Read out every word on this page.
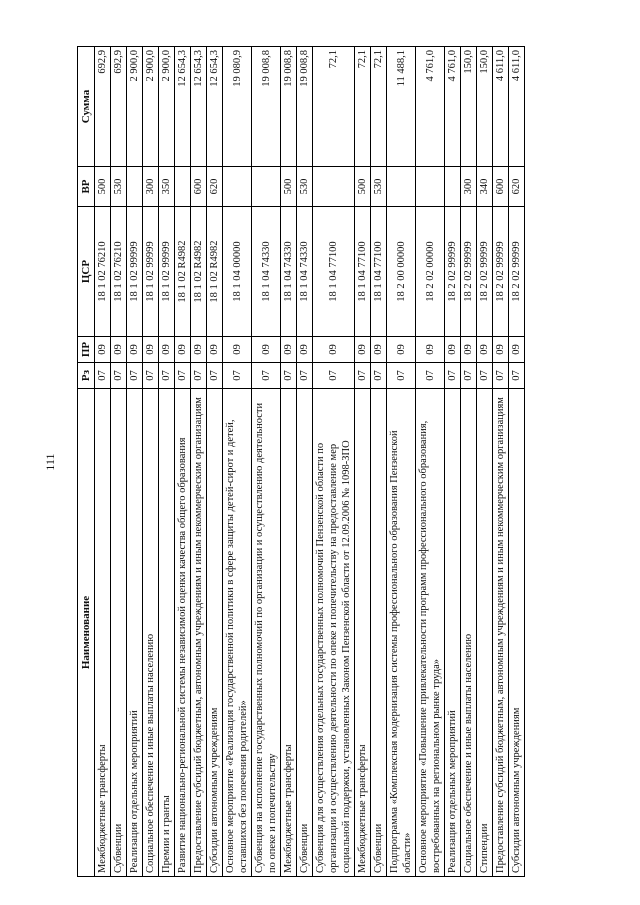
111
Наименование	Рз	ПР	ЦСР	ВР	Сумма
Межбюджетные трансферты	07	09	18 1 02 76210	500	692,9
Субвенции	07	09	18 1 02 76210	530	692,9
Реализация отдельных мероприятий	07	09	18 1 02 99999		2 900,0
Социальное обеспечение и иные выплаты населению	07	09	18 1 02 99999	300	2 900,0
Премии и гранты	07	09	18 1 02 99999	350	2 900,0
Развитие национально-региональной системы независимой оценки качества общего образования	07	09	18 1 02 R4982		12 654,3
Предоставление субсидий бюджетным, автономным учреждениям и иным некоммерческим организациям	07	09	18 1 02 R4982	600	12 654,3
Субсидии автономным учреждениям	07	09	18 1 02 R4982	620	12 654,3
Основное мероприятие «Реализация государственной политики в сфере защиты детей-сирот и детей, оставшихся без попечения родителей»	07	09	18 1 04 00000		19 080,9
Субвенция на исполнение государственных полномочий по организации и осуществлению деятельности по опеке и попечительству	07	09	18 1 04 74330		19 008,8
Межбюджетные трансферты	07	09	18 1 04 74330	500	19 008,8
Субвенции	07	09	18 1 04 74330	530	19 008,8
Субвенция для осуществления отдельных государственных полномочий Пензенской области по организации и осуществлению деятельности по опеке и попечительству на предоставление мер социальной поддержки, установленных Законом Пензенской области от 12.09.2006 № 1098-ЗПО	07	09	18 1 04 77100		72,1
Межбюджетные трансферты	07	09	18 1 04 77100	500	72,1
Субвенции	07	09	18 1 04 77100	530	72,1
Подпрограмма «Комплексная модернизация системы профессионального образования Пензенской области»	07	09	18 2 00 00000		11 488,1
Основное мероприятие «Повышение привлекательности программ профессионального образования, востребованных на региональном рынке труда»	07	09	18 2 02 00000		4 761,0
Реализация отдельных мероприятий	07	09	18 2 02 99999		4 761,0
Социальное обеспечение и иные выплаты населению	07	09	18 2 02 99999	300	150,0
Стипендии	07	09	18 2 02 99999	340	150,0
Предоставление субсидий бюджетным, автономным учреждениям и иным некоммерческим организациям	07	09	18 2 02 99999	600	4 611,0
Субсидии автономным учреждениям	07	09	18 2 02 99999	620	4 611,0
